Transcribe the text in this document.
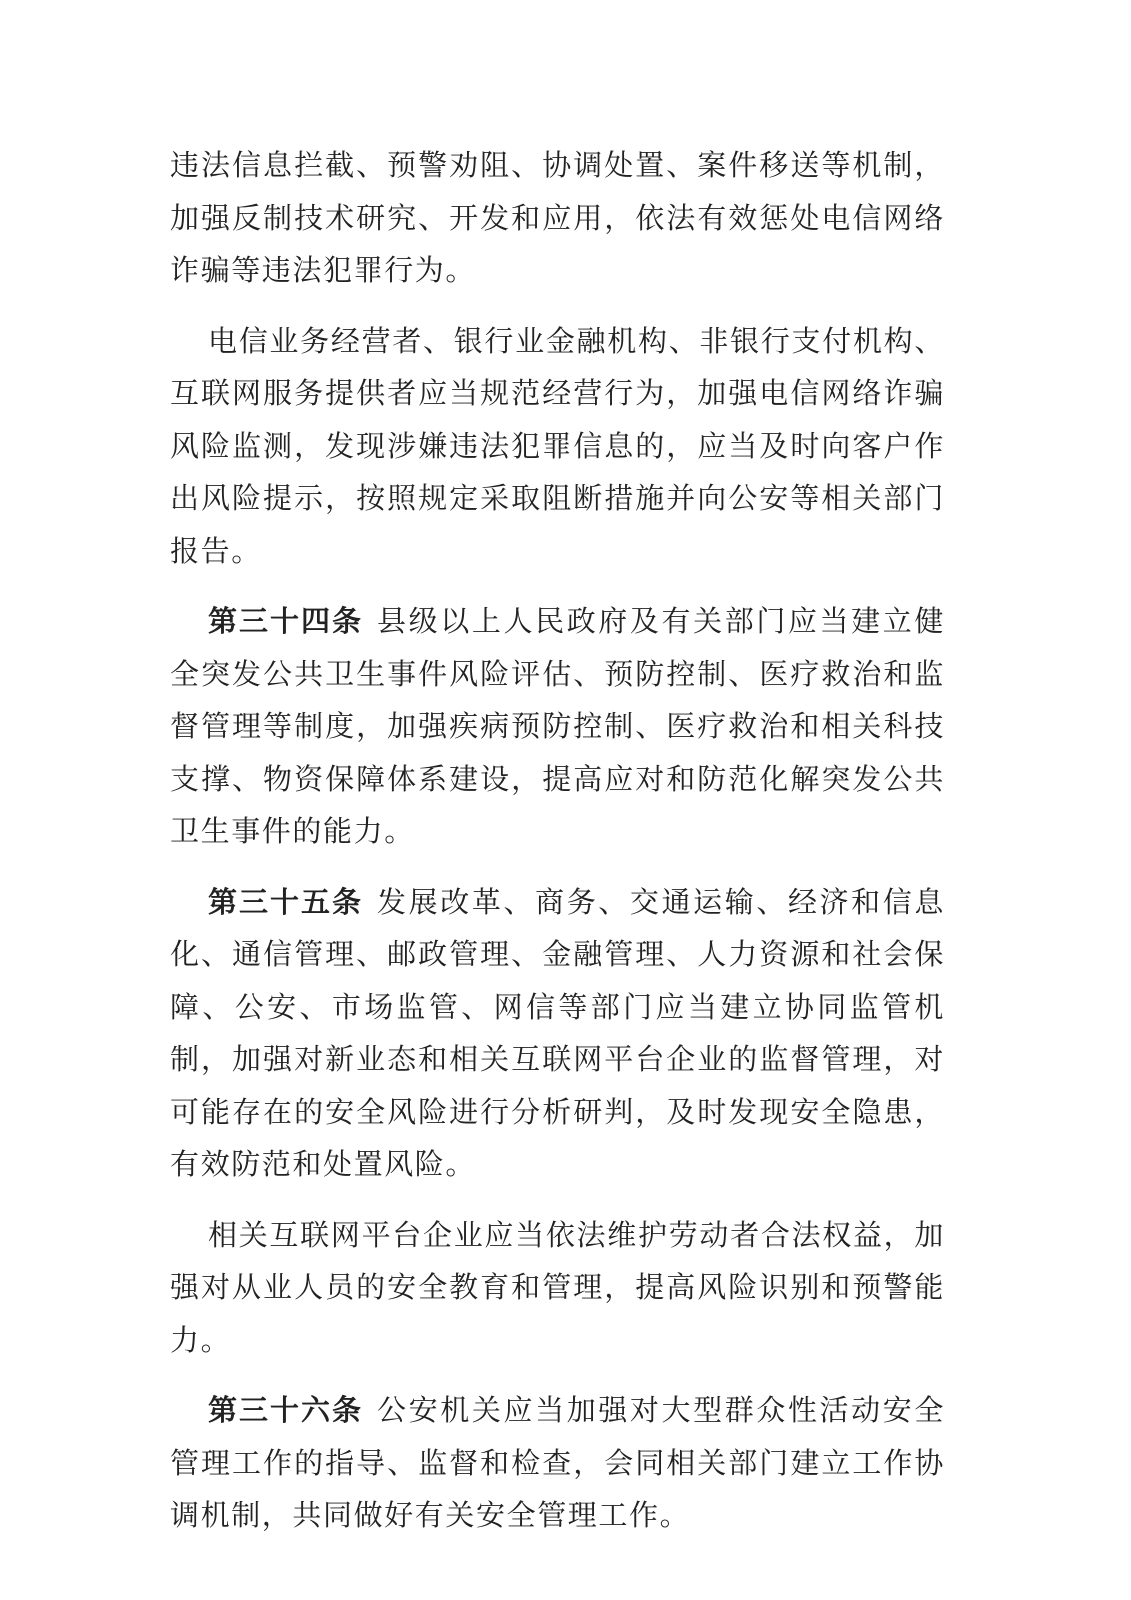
违法信息拦截、预警劝阻、协调处置、案件移送等机制，加强反制技术研究、开发和应用，依法有效惩处电信网络诈骗等违法犯罪行为。

电信业务经营者、银行业金融机构、非银行支付机构、互联网服务提供者应当规范经营行为，加强电信网络诈骗风险监测，发现涉嫌违法犯罪信息的，应当及时向客户作出风险提示，按照规定采取阻断措施并向公安等相关部门报告。

第三十四条 县级以上人民政府及有关部门应当建立健全突发公共卫生事件风险评估、预防控制、医疗救治和监督管理等制度，加强疾病预防控制、医疗救治和相关科技支撑、物资保障体系建设，提高应对和防范化解突发公共卫生事件的能力。

第三十五条 发展改革、商务、交通运输、经济和信息化、通信管理、邮政管理、金融管理、人力资源和社会保障、公安、市场监管、网信等部门应当建立协同监管机制，加强对新业态和相关互联网平台企业的监督管理，对可能存在的安全风险进行分析研判，及时发现安全隐患，有效防范和处置风险。

相关互联网平台企业应当依法维护劳动者合法权益，加强对从业人员的安全教育和管理，提高风险识别和预警能力。

第三十六条 公安机关应当加强对大型群众性活动安全管理工作的指导、监督和检查，会同相关部门建立工作协调机制，共同做好有关安全管理工作。
